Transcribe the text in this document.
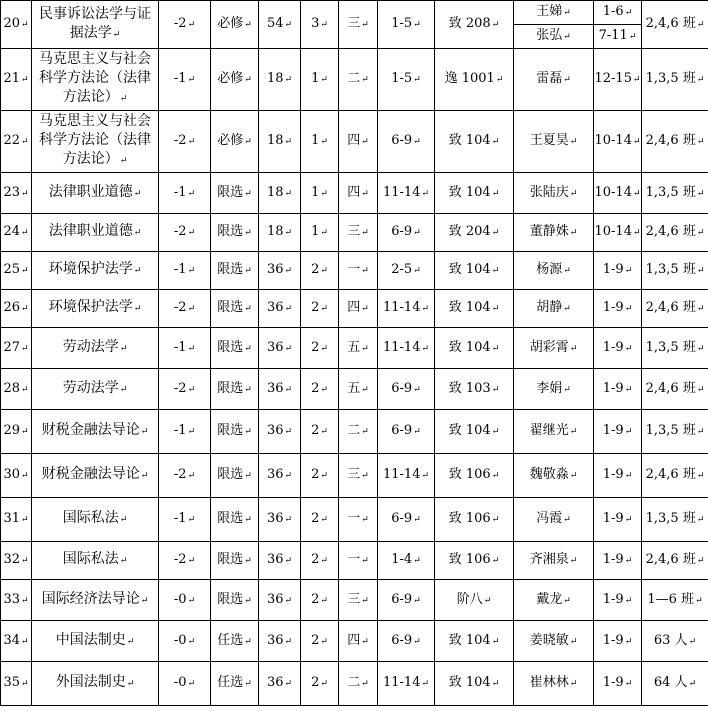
20↵	民事诉讼法学与证据法学↵	-2↵	必修↵	54↵	3↵	三↵	1-5↵	致 208↵	王娣↵	1-6↵	2,4,6 班↵
									张弘↵	7-11↵	
21↵	马克思主义与社会科学方法论（法律方法论）↵	-1↵	必修↵	18↵	1↵	二↵	1-5↵	逸 1001↵	雷磊↵	12-15↵	1,3,5 班↵
22↵	马克思主义与社会科学方法论（法律方法论）↵	-2↵	必修↵	18↵	1↵	四↵	6-9↵	致 104↵	王夏昊↵	10-14↵	2,4,6 班↵
23↵	法律职业道德↵	-1↵	限选↵	18↵	1↵	四↵	11-14↵	致 104↵	张陆庆↵	10-14↵	1,3,5 班↵
24↵	法律职业道德↵	-2↵	限选↵	18↵	1↵	三↵	6-9↵	致 204↵	董静姝↵	10-14↵	2,4,6 班↵
25↵	环境保护法学↵	-1↵	限选↵	36↵	2↵	一↵	2-5↵	致 104↵	杨源↵	1-9↵	1,3,5 班↵
26↵	环境保护法学↵	-2↵	限选↵	36↵	2↵	四↵	11-14↵	致 104↵	胡静↵	1-9↵	2,4,6 班↵
27↵	劳动法学↵	-1↵	限选↵	36↵	2↵	五↵	11-14↵	致 104↵	胡彩霄↵	1-9↵	1,3,5 班↵
28↵	劳动法学↵	-2↵	限选↵	36↵	2↵	五↵	6-9↵	致 103↵	李娟↵	1-9↵	2,4,6 班↵
29↵	财税金融法导论↵	-1↵	限选↵	36↵	2↵	二↵	6-9↵	致 104↵	翟继光↵	1-9↵	1,3,5 班↵
30↵	财税金融法导论↵	-2↵	限选↵	36↵	2↵	三↵	11-14↵	致 106↵	魏敬淼↵	1-9↵	2,4,6 班↵
31↵	国际私法↵	-1↵	限选↵	36↵	2↵	一↵	6-9↵	致 106↵	冯霞↵	1-9↵	1,3,5 班↵
32↵	国际私法↵	-2↵	限选↵	36↵	2↵	一↵	1-4↵	致 106↵	齐湘泉↵	1-9↵	2,4,6 班↵
33↵	国际经济法导论↵	-0↵	限选↵	36↵	2↵	三↵	6-9↵	阶八↵	戴龙↵	1-9↵	1—6 班↵
34↵	中国法制史↵	-0↵	任选↵	36↵	2↵	四↵	6-9↵	致 104↵	姜晓敏↵	1-9↵	63 人↵
35↵	外国法制史↵	-0↵	任选↵	36↵	2↵	二↵	11-14↵	致 104↵	崔林林↵	1-9↵	64 人↵
